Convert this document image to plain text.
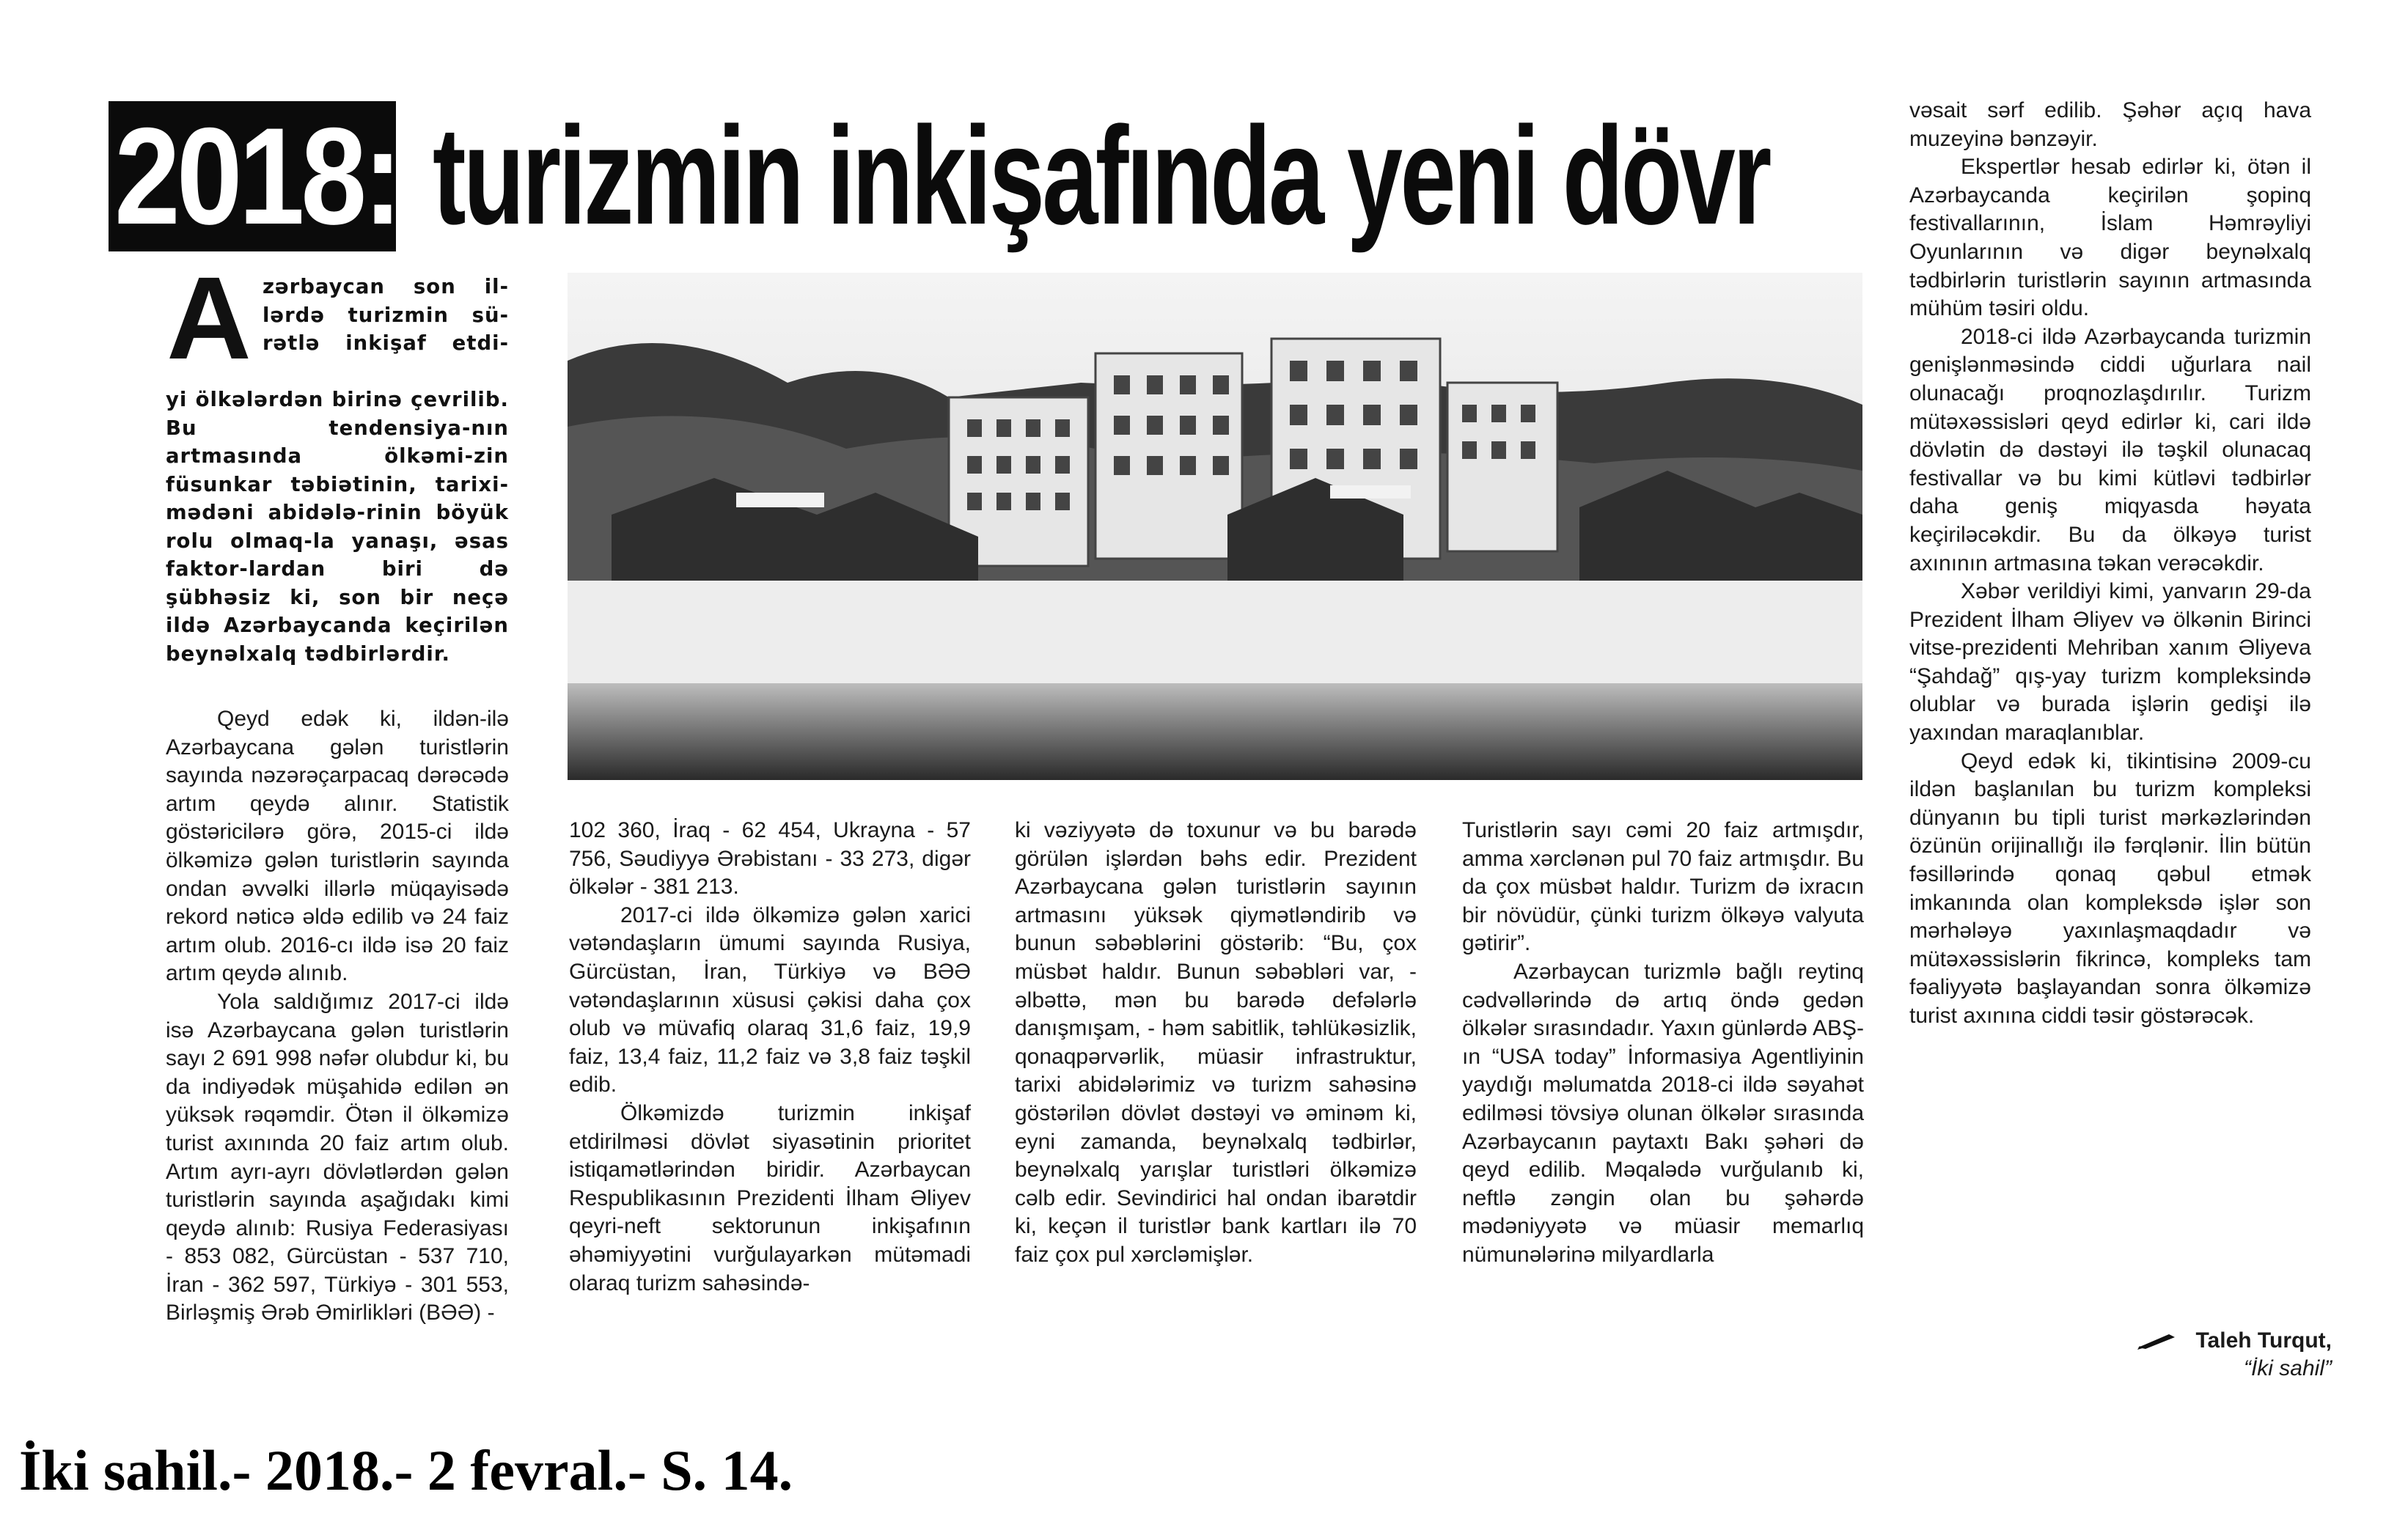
2018: turizmin inkişafında yeni dövr
A zərbaycan son il-
lərdə turizmin sü-
rətlə inkişaf etdi-
yi ölkələrdən birinə çevrilib. Bu tendensiya-nın artmasında ölkəmi-zin füsunkar təbiətinin, tarixi-mədəni abidələ-rinin böyük rolu olmaq-la yanaşı, əsas faktor-lardan biri də şübhəsiz ki, son bir neçə ildə Azərbaycanda keçirilən beynəlxalq tədbirlərdir.

Qeyd edək ki, ildən-ilə Azərbaycana gələn turistlərin sayında nəzərəçarpacaq dərəcədə artım qeydə alınır. Statistik göstəricilərə görə, 2015-ci ildə ölkəmizə gələn turistlərin sayında ondan əvvəlki illərlə müqayisədə rekord nəticə əldə edilib və 24 faiz artım olub. 2016-cı ildə isə 20 faiz artım qeydə alınıb.

Yola saldığımız 2017-ci ildə isə Azərbaycana gələn turistlərin sayı 2 691 998 nəfər olubdur ki, bu da indiyədək müşahidə edilən ən yüksək rəqəmdir. Ötən il ölkəmizə turist axınında 20 faiz artım olub. Artım ayrı-ayrı dövlətlərdən gələn turistlərin sayında aşağıdakı kimi qeydə alınıb: Rusiya Federasiyası - 853 082, Gürcüstan - 537 710, İran - 362 597, Türkiyə - 301 553, Birləşmiş Ərəb Əmirlikləri (BƏƏ) -

102 360, İraq - 62 454, Ukrayna - 57 756, Səudiyyə Ərəbistanı - 33 273, digər ölkələr - 381 213.

2017-ci ildə ölkəmizə gələn xarici vətəndaşların ümumi sayında Rusiya, Gürcüstan, İran, Türkiyə və BƏƏ vətəndaşlarının xüsusi çəkisi daha çox olub və müvafiq olaraq 31,6 faiz, 19,9 faiz, 13,4 faiz, 11,2 faiz və 3,8 faiz təşkil edib.

Ölkəmizdə turizmin inkişaf etdirilməsi dövlət siyasətinin prioritet istiqamətlərindən biridir. Azərbaycan Respublikasının Prezidenti İlham Əliyev qeyri-neft sektorunun inkişafının əhəmiyyətini vurğulayarkən mütəmadi olaraq turizm sahəsində-

ki vəziyyətə də toxunur və bu barədə görülən işlərdən bəhs edir. Prezident Azərbaycana gələn turistlərin sayının artmasını yüksək qiymətləndirib və bunun səbəblərini göstərib: “Bu, çox müsbət haldır. Bunun səbəbləri var, - əlbəttə, mən bu barədə defələrlə danışmışam, - həm sabitlik, təhlükəsizlik, qonaqpərvərlik, müasir infrastruktur, tarixi abidələrimiz və turizm sahəsinə göstərilən dövlət dəstəyi və əminəm ki, eyni zamanda, beynəlxalq tədbirlər, beynəlxalq yarışlar turistləri ölkəmizə cəlb edir. Sevindirici hal ondan ibarətdir ki, keçən il turistlər bank kartları ilə 70 faiz çox pul xərcləmişlər.

Turistlərin sayı cəmi 20 faiz artmışdır, amma xərclənən pul 70 faiz artmışdır. Bu da çox müsbət haldır. Turizm də ixracın bir növüdür, çünki turizm ölkəyə valyuta gətirir”.

Azərbaycan turizmlə bağlı reytinq cədvəllərində də artıq öndə gedən ölkələr sırasındadır. Yaxın günlərdə ABŞ-ın “USA today” İnformasiya Agentliyinin yaydığı məlumatda 2018-ci ildə səyahət edilməsi tövsiyə olunan ölkələr sırasında Azərbaycanın paytaxtı Bakı şəhəri də qeyd edilib. Məqalədə vurğulanıb ki, neftlə zəngin olan bu şəhərdə mədəniyyətə və müasir memarlıq nümunələrinə milyardlarla

vəsait sərf edilib. Şəhər açıq hava muzeyinə bənzəyir.

Ekspertlər hesab edirlər ki, ötən il Azərbaycanda keçirilən şopinq festivallarının, İslam Həmrəyliyi Oyunlarının və digər beynəlxalq tədbirlərin turistlərin sayının artmasında mühüm təsiri oldu.

2018-ci ildə Azərbaycanda turizmin genişlənməsində ciddi uğurlara nail olunacağı proqnozlaşdırılır. Turizm mütəxəssisləri qeyd edirlər ki, cari ildə dövlətin də dəstəyi ilə təşkil olunacaq festivallar və bu kimi kütləvi tədbirlər daha geniş miqyasda həyata keçiriləcəkdir. Bu da ölkəyə turist axınının artmasına təkan verəcəkdir.

Xəbər verildiyi kimi, yanvarın 29-da Prezident İlham Əliyev və ölkənin Birinci vitse-prezidenti Mehriban xanım Əliyeva “Şahdağ” qış-yay turizm kompleksində olublar və burada işlərin gedişi ilə yaxından maraqlanıblar.

Qeyd edək ki, tikintisinə 2009-cu ildən başlanılan bu turizm kompleksi dünyanın bu tipli turist mərkəzlərindən özünün orijinallığı ilə fərqlənir. İlin bütün fəsillərində qonaq qəbul etmək imkanında olan kompleksdə işlər son mərhələyə yaxınlaşmaqdadır və mütəxəssislərin fikrincə, kompleks tam fəaliyyətə başlayandan sonra ölkəmizə turist axınına ciddi təsir göstərəcək.

Taleh Turqut,
“İki sahil”
İki sahil.- 2018.- 2 fevral.- S. 14.
